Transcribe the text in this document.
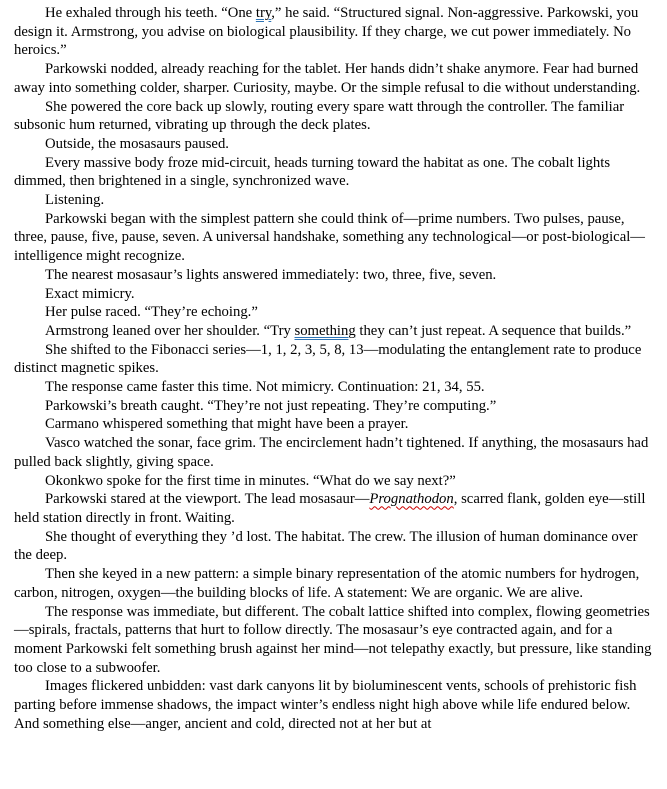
He exhaled through his teeth. “One try,” he said. “Structured signal. Non-aggressive. Parkowski, you design it. Armstrong, you advise on biological plausibility. If they charge, we cut power immediately. No heroics.”

Parkowski nodded, already reaching for the tablet. Her hands didn’t shake anymore. Fear had burned away into something colder, sharper. Curiosity, maybe. Or the simple refusal to die without understanding.

She powered the core back up slowly, routing every spare watt through the controller. The familiar subsonic hum returned, vibrating up through the deck plates.

Outside, the mosasaurs paused.

Every massive body froze mid-circuit, heads turning toward the habitat as one. The cobalt lights dimmed, then brightened in a single, synchronized wave.

Listening.

Parkowski began with the simplest pattern she could think of—prime numbers. Two pulses, pause, three, pause, five, pause, seven. A universal handshake, something any technological—or post-biological—intelligence might recognize.

The nearest mosasaur’s lights answered immediately: two, three, five, seven.

Exact mimicry.

Her pulse raced. “They’re echoing.”

Armstrong leaned over her shoulder. “Try something they can’t just repeat. A sequence that builds.”

She shifted to the Fibonacci series—1, 1, 2, 3, 5, 8, 13—modulating the entanglement rate to produce distinct magnetic spikes.

The response came faster this time. Not mimicry. Continuation: 21, 34, 55.

Parkowski’s breath caught. “They’re not just repeating. They’re computing.”

Carmano whispered something that might have been a prayer.

Vasco watched the sonar, face grim. The encirclement hadn’t tightened. If anything, the mosasaurs had pulled back slightly, giving space.

Okonkwo spoke for the first time in minutes. “What do we say next?”

Parkowski stared at the viewport. The lead mosasaur—Prognathodon, scarred flank, golden eye—still held station directly in front. Waiting.

She thought of everything they ’d lost. The habitat. The crew. The illusion of human dominance over the deep.

Then she keyed in a new pattern: a simple binary representation of the atomic numbers for hydrogen, carbon, nitrogen, oxygen—the building blocks of life. A statement: We are organic. We are alive.

The response was immediate, but different. The cobalt lattice shifted into complex, flowing geometries—spirals, fractals, patterns that hurt to follow directly. The mosasaur’s eye contracted again, and for a moment Parkowski felt something brush against her mind—not telepathy exactly, but pressure, like standing too close to a subwoofer.

Images flickered unbidden: vast dark canyons lit by bioluminescent vents, schools of prehistoric fish parting before immense shadows, the impact winter’s endless night high above while life endured below. And something else—anger, ancient and cold, directed not at her but at
